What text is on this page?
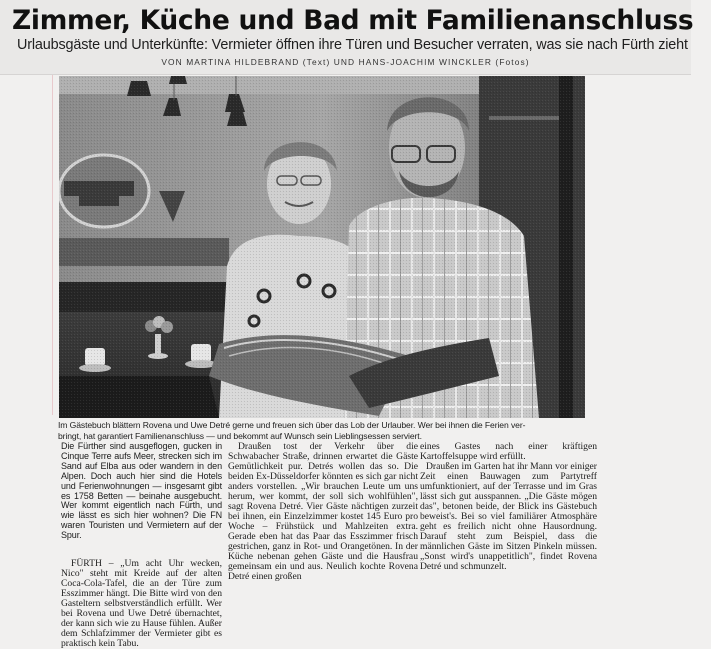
Zimmer, Küche und Bad mit Familienanschluss
Urlaubsgäste und Unterkünfte: Vermieter öffnen ihre Türen und Besucher verraten, was sie nach Fürth zieht
VON MARTINA HILDEBRAND (Text) UND HANS-JOACHIM WINCKLER (Fotos)
Im Gästebuch blättern Rovena und Uwe Detré gerne und freuen sich über das Lob der Urlauber. Wer bei ihnen die Ferien ver-
bringt, hat garantiert Familienanschluss — und bekommt auf Wunsch sein Lieblingsessen serviert.

Die Fürther sind ausgeflogen, gucken in Cinque Terre aufs Meer, strecken sich im Sand auf Elba aus oder wandern in den Alpen. Doch auch hier sind die Hotels und Ferienwohnungen — insgesamt gibt es 1758 Betten — beinahe ausgebucht. Wer kommt eigentlich nach Fürth, und wie lässt es sich hier wohnen? Die FN waren Touristen und Vermietern auf der Spur.

FÜRTH – „Um acht Uhr wecken, Nico" steht mit Kreide auf der alten Coca-Cola-Tafel, die an der Türe zum Esszimmer hängt. Die Bitte wird von den Gasteltern selbstverständlich erfüllt. Wer bei Rovena und Uwe Detré übernachtet, der kann sich wie zu Hause fühlen. Außer dem Schlafzimmer der Vermieter gibt es praktisch kein Tabu.

Draußen tost der Verkehr über die Schwabacher Straße, drinnen erwartet die Gäste Gemütlichkeit pur. Detrés wollen das so. Die beiden Ex-Düsseldorfer könnten es sich gar nicht anders vorstellen. „Wir brauchen Leute um uns herum, wer kommt, der soll sich wohlfühlen", sagt Rovena Detré. Vier Gäste nächtigen zurzeit bei ihnen, ein Einzelzimmer kostet 145 Euro pro Woche – Frühstück und Mahlzeiten extra. Gerade eben hat das Paar das Esszimmer frisch gestrichen, ganz in Rot- und Orangetönen. In der Küche nebenan gehen Gäste und die Hausfrau gemeinsam ein und aus. Neulich kochte Rovena Detré einen großen

eines Gastes nach einer kräftigen Kartoffelsuppe wird erfüllt.

Draußen im Garten hat ihr Mann vor einiger Zeit einen Bauwagen zum Partytreff umfunktioniert, auf der Terrasse und im Gras lässt sich gut ausspannen. „Die Gäste mögen das", betonen beide, der Blick ins Gästebuch beweist's. Bei so viel familiärer Atmosphäre geht es freilich nicht ohne Hausordnung. Darauf steht zum Beispiel, dass die männlichen Gäste im Sitzen Pinkeln müssen. „Sonst wird's unappetitlich", findet Rovena Detré und schmunzelt.
